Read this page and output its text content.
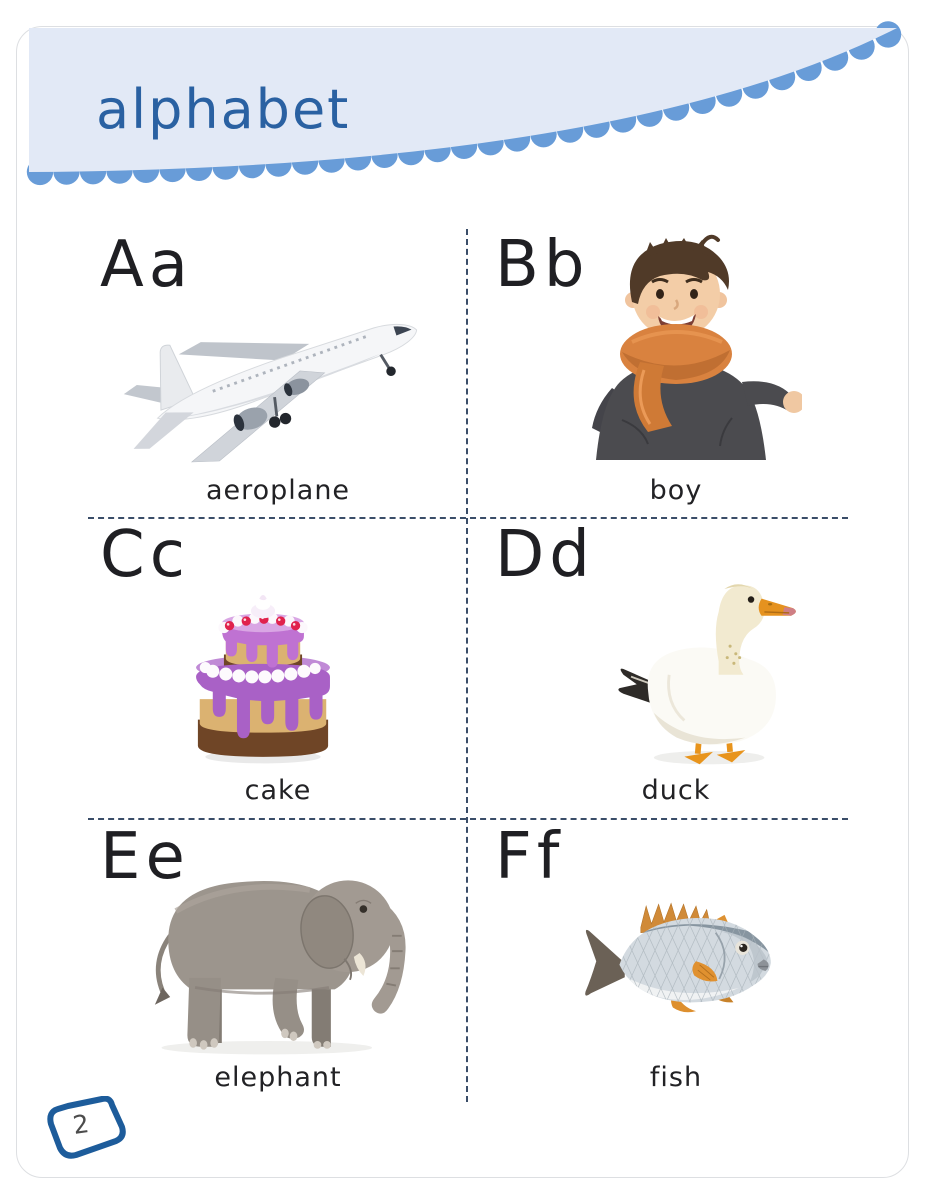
alphabet
Aa
aeroplane
Bb
boy
Cc
cake
Dd
duck
Ee
elephant
Ff
fish
2
